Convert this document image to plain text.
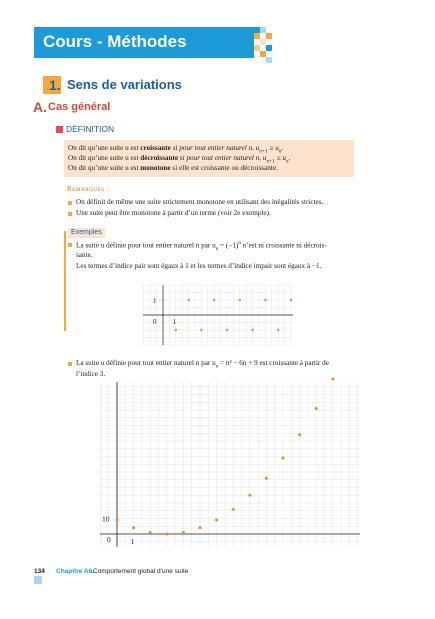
Cours - Méthodes
1. Sens de variations
A. Cas général
DÉFINITION
On dit qu’une suite u est croissante si pour tout entier naturel n, $u_{n+1} \ge u_n$.
On dit qu’une suite u est décroissante si pour tout entier naturel n, $u_{n+1} \le u_n$.
On dit qu’une suite u est monotone si elle est croissante ou décroissante.
Remarques :
On définit de même une suite strictement monotone en utilisant des inégalités strictes.
Une suite peut être monotone à partir d’un terme (voir 2e exemple).
Exemples
La suite u définie pour tout entier naturel n par $u_n = (-1)^n$ n’est ni croissante ni décrois-
sante.
Les termes d’indice pair sont égaux à 1 et les termes d’indice impair sont égaux à −1.
0 1
1
La suite u définie pour tout entier naturel n par $u_n = n^2 - 6n + 9$ est croissante à partir de
l’indice 3.
0	1
10
134 Chapitre A6.
Comportement global d’une suite
